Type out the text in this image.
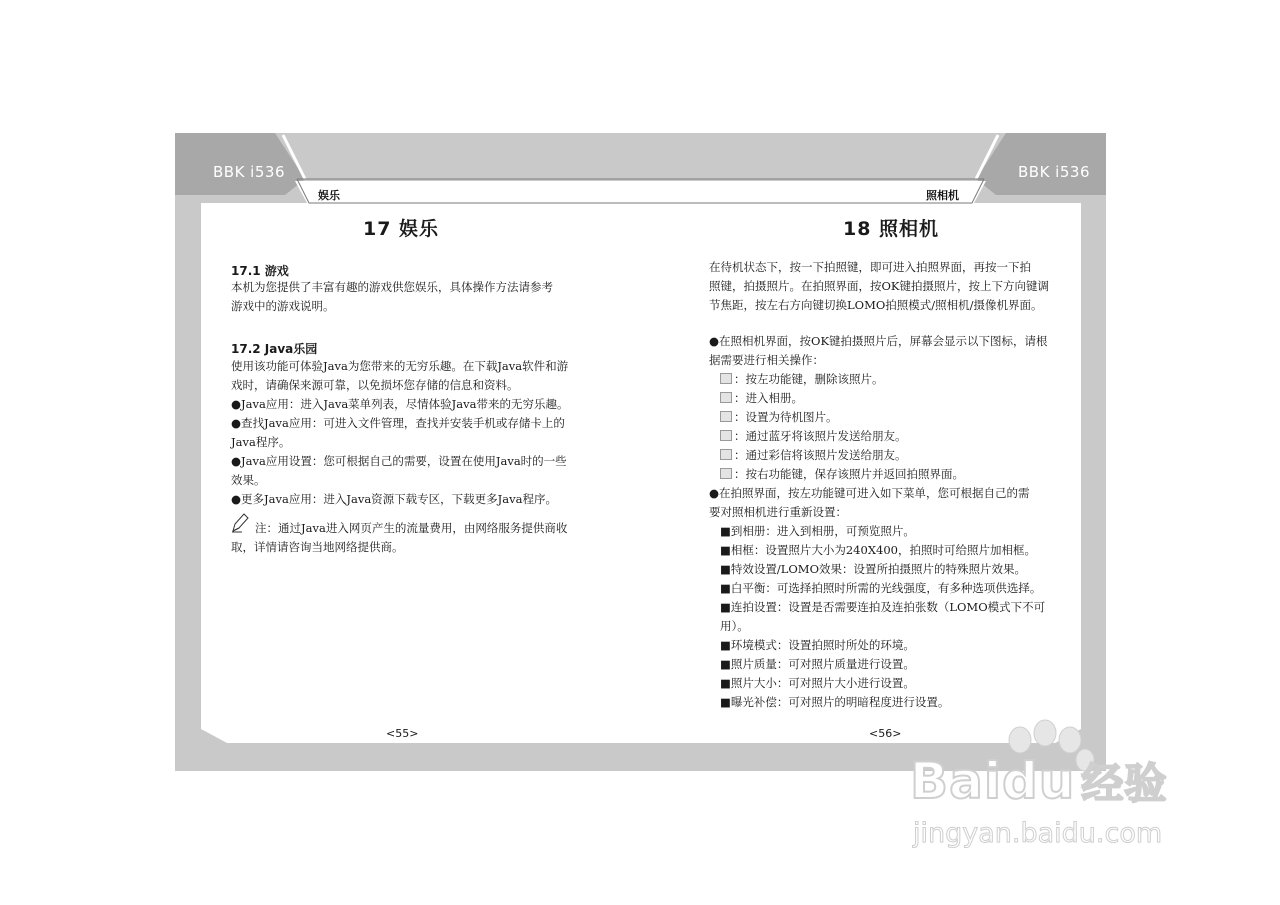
BBK i536	BBK i536
娱乐	照相机
17 娱乐
17.1 游戏
本机为您提供了丰富有趣的游戏供您娱乐，具体操作方法请参考
游戏中的游戏说明。
17.2 Java乐园
使用该功能可体验Java为您带来的无穷乐趣。在下载Java软件和游
戏时，请确保来源可靠，以免损坏您存储的信息和资料。
●Java应用：进入Java菜单列表，尽情体验Java带来的无穷乐趣。
●查找Java应用：可进入文件管理，查找并安装手机或存储卡上的
Java程序。
●Java应用设置：您可根据自己的需要，设置在使用Java时的一些
效果。
●更多Java应用：进入Java资源下载专区，下载更多Java程序。
注：通过Java进入网页产生的流量费用，由网络服务提供商收
取，详情请咨询当地网络提供商。
<55>
18 照相机
在待机状态下，按一下拍照键，即可进入拍照界面，再按一下拍
照键，拍摄照片。在拍照界面，按OK键拍摄照片，按上下方向键调
节焦距，按左右方向键切换LOMO拍照模式/照相机/摄像机界面。
●在照相机界面，按OK键拍摄照片后，屏幕会显示以下图标，请根
据需要进行相关操作：
：按左功能键，删除该照片。
：进入相册。
：设置为待机图片。
：通过蓝牙将该照片发送给朋友。
：通过彩信将该照片发送给朋友。
：按右功能键，保存该照片并返回拍照界面。
●在拍照界面，按左功能键可进入如下菜单，您可根据自己的需
要对照相机进行重新设置：
■到相册：进入到相册，可预览照片。
■相框：设置照片大小为240X400，拍照时可给照片加相框。
■特效设置/LOMO效果：设置所拍摄照片的特殊照片效果。
■白平衡：可选择拍照时所需的光线强度，有多种选项供选择。
■连拍设置：设置是否需要连拍及连拍张数（LOMO模式下不可
用）。
■环境模式：设置拍照时所处的环境。
■照片质量：可对照片质量进行设置。
■照片大小：可对照片大小进行设置。
■曝光补偿：可对照片的明暗程度进行设置。
<56>
Baidu 经验
jingyan.baidu.com
